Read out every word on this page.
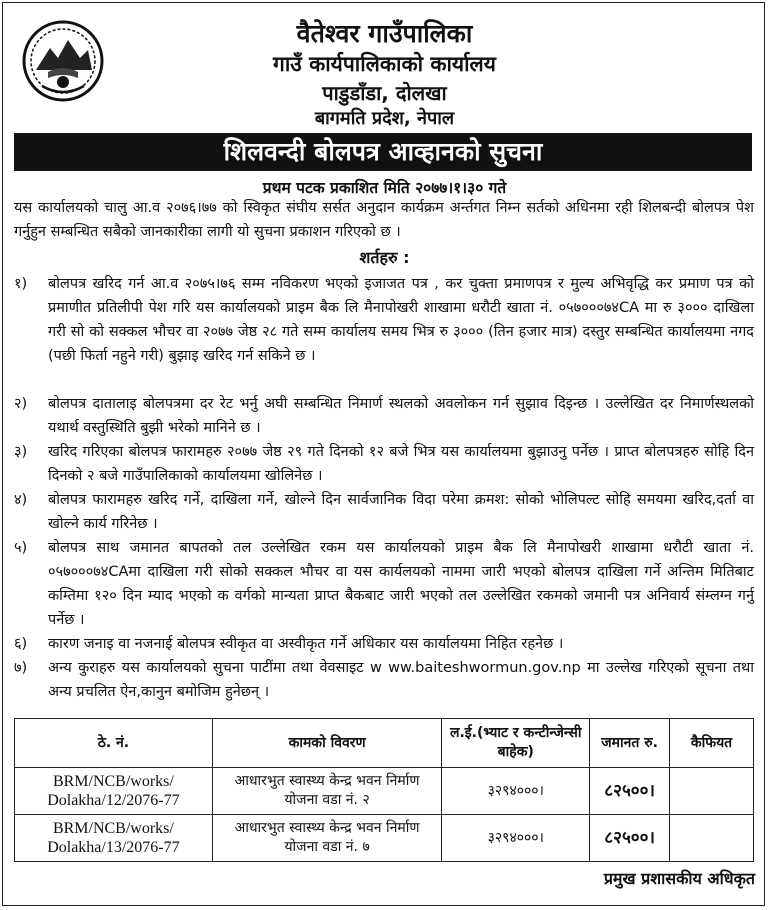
वैतेश्वर गाउँपालिका
गाउँ कार्यपालिकाको कार्यालय
पाडुडाँडा, दोलखा
बागमति प्रदेश, नेपाल
शिलवन्दी बोलपत्र आव्हानको सुचना
प्रथम पटक प्रकाशित मिति २०७७।१।३० गते
यस कार्यालयको चालु आ.व २०७६।७७ को स्विकृत संघीय सर्सत अनुदान कार्यक्रम अर्न्तगत निम्न सर्तको अधिनमा रही शिलबन्दी बोलपत्र पेश गर्नुहुन सम्बन्धित सबैको जानकारीका लागी यो सुचना प्रकाशन गरिएको छ ।
शर्तहरु :
१)	बोलपत्र खरिद गर्न आ.व २०७५।७६ सम्म नविकरण भएको इजाजत पत्र , कर चुक्ता प्रमाणपत्र र मुल्य अभिवृद्धि कर प्रमाण पत्र को प्रमाणीत प्रतिलीपी पेश गरि यस कार्यालयको प्राइम बैक लि मैनापोखरी शाखामा धरौटी खाता नं. ०५७०००७४CA मा रु ३००० दाखिला गरी सो को सक्कल भौचर वा २०७७ जेष्ठ २८ गते सम्म कार्यालय समय भित्र रु ३००० (तिन हजार मात्र) दस्तुर सम्बन्धित कार्यालयमा नगद (पछी फिर्ता नहुने गरी) बुझाइ खरिद गर्न सकिने छ ।
२)	बोलपत्र दातालाइ बोलपत्रमा दर रेट भर्नु अघी सम्बन्धित निमार्ण स्थलको अवलोकन गर्न सुझाव दिइन्छ । उल्लेखित दर निमार्णस्थलको यथार्थ वस्तुस्थिति बुझी भरेको मानिने छ ।
३)	खरिद गरिएका बोलपत्र फारामहरु २०७७ जेष्ठ २९ गते दिनको १२ बजे भित्र यस कार्यालयमा बुझाउनु पर्नेछ । प्राप्त बोलपत्रहरु सोहि दिन दिनको २ बजे गाउँपालिकाको कार्यालयमा खोलिनेछ ।
४)	बोलपत्र फारामहरु खरिद गर्ने, दाखिला गर्ने, खोल्ने दिन सार्वजानिक विदा परेमा क्रमश: सोको भोलिपल्ट सोहि समयमा खरिद,दर्ता वा खोल्ने कार्य गरिनेछ ।
५)	बोलपत्र साथ जमानत बापतको तल उल्लेखित रकम यस कार्यालयको प्राइम बैक लि मैनापोखरी शाखामा धरौटी खाता नं. ०५७०००७४CAमा दाखिला गरी सोको सक्कल भौचर वा यस कार्यलयको नाममा जारी भएको बोलपत्र दाखिला गर्ने अन्तिम मितिबाट कम्तिमा १२० दिन म्याद भएको क वर्गको मान्यता प्राप्त बैकबाट जारी भएको तल उल्लेखित रकमको जमानी पत्र अनिवार्य संम्लग्न गर्नु पर्नेछ ।
६)	कारण जनाइ वा नजनाई बोलपत्र स्वीकृत वा अस्वीकृत गर्ने अधिकार यस कार्यालयमा निहित रहनेछ ।
७)	अन्य कुराहरु यस कार्यालयको सुचना पाटींमा तथा वेवसाइट w ww.baiteshwormun.gov.np मा उल्लेख गरिएको सूचना तथा अन्य प्रचलित ऐन,कानुन बमोजिम हुनेछन् ।
ठे. नं.	कामको विवरण	ल.ई.(भ्याट र कन्टीन्जेन्सी बाहेक)	जमानत रु.	कैफियत
BRM/NCB/works/ Dolakha/12/2076-77	आधारभुत स्वास्थ्य केन्द्र भवन निर्माण योजना वडा नं. २	३२९४०००।	८२५००।	
BRM/NCB/works/ Dolakha/13/2076-77	आधारभुत स्वास्थ्य केन्द्र भवन निर्माण योजना वडा नं. ७	३२९४०००।	८२५००।	
प्रमुख प्रशासकीय अधिकृत
